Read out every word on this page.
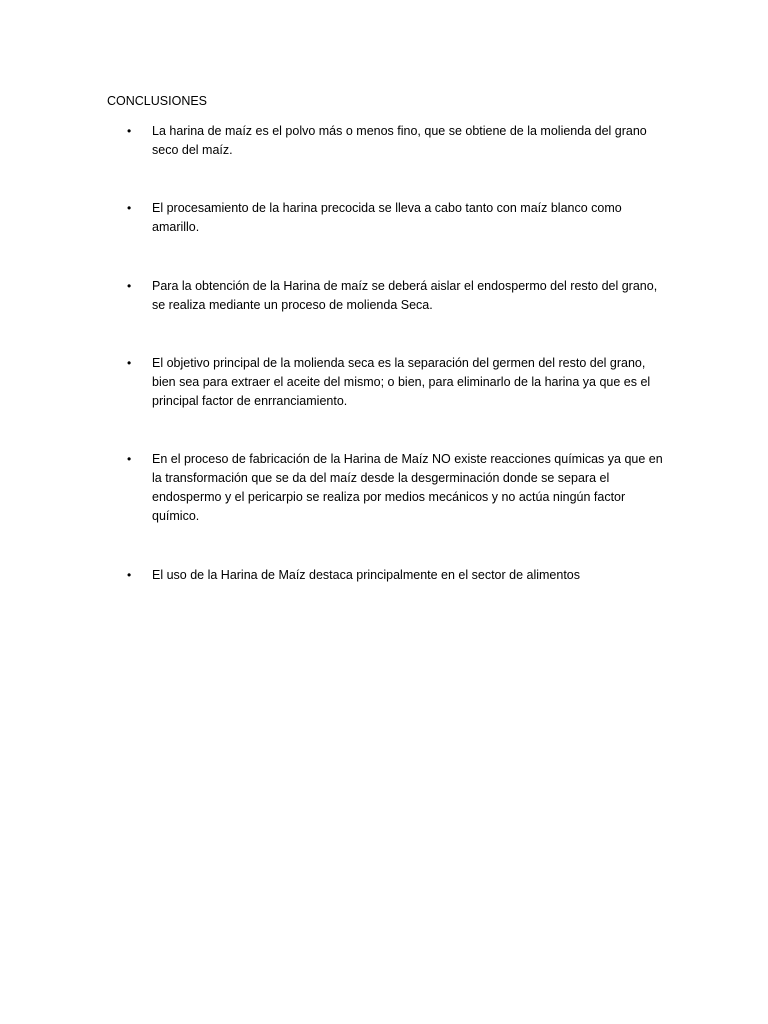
CONCLUSIONES
•	La harina de maíz es el polvo más o menos fino, que se obtiene de la molienda del grano seco del maíz.

•	El procesamiento de la harina precocida se lleva a cabo tanto con maíz blanco como amarillo.

•	Para la obtención de la Harina de maíz se deberá aislar el endospermo del resto del grano, se realiza mediante un proceso de molienda Seca.

•	El objetivo principal de la molienda seca es la separación del germen del resto del grano, bien sea para extraer el aceite del mismo; o bien, para eliminarlo de la harina ya que es el principal factor de enrranciamiento.

•	En el proceso de fabricación de la Harina de Maíz NO existe reacciones químicas ya que en la transformación que se da del maíz desde la desgerminación donde se separa el endospermo y el pericarpio se realiza por medios mecánicos y no actúa ningún factor químico.

•	El uso de la Harina de Maíz destaca principalmente en el sector de alimentos
